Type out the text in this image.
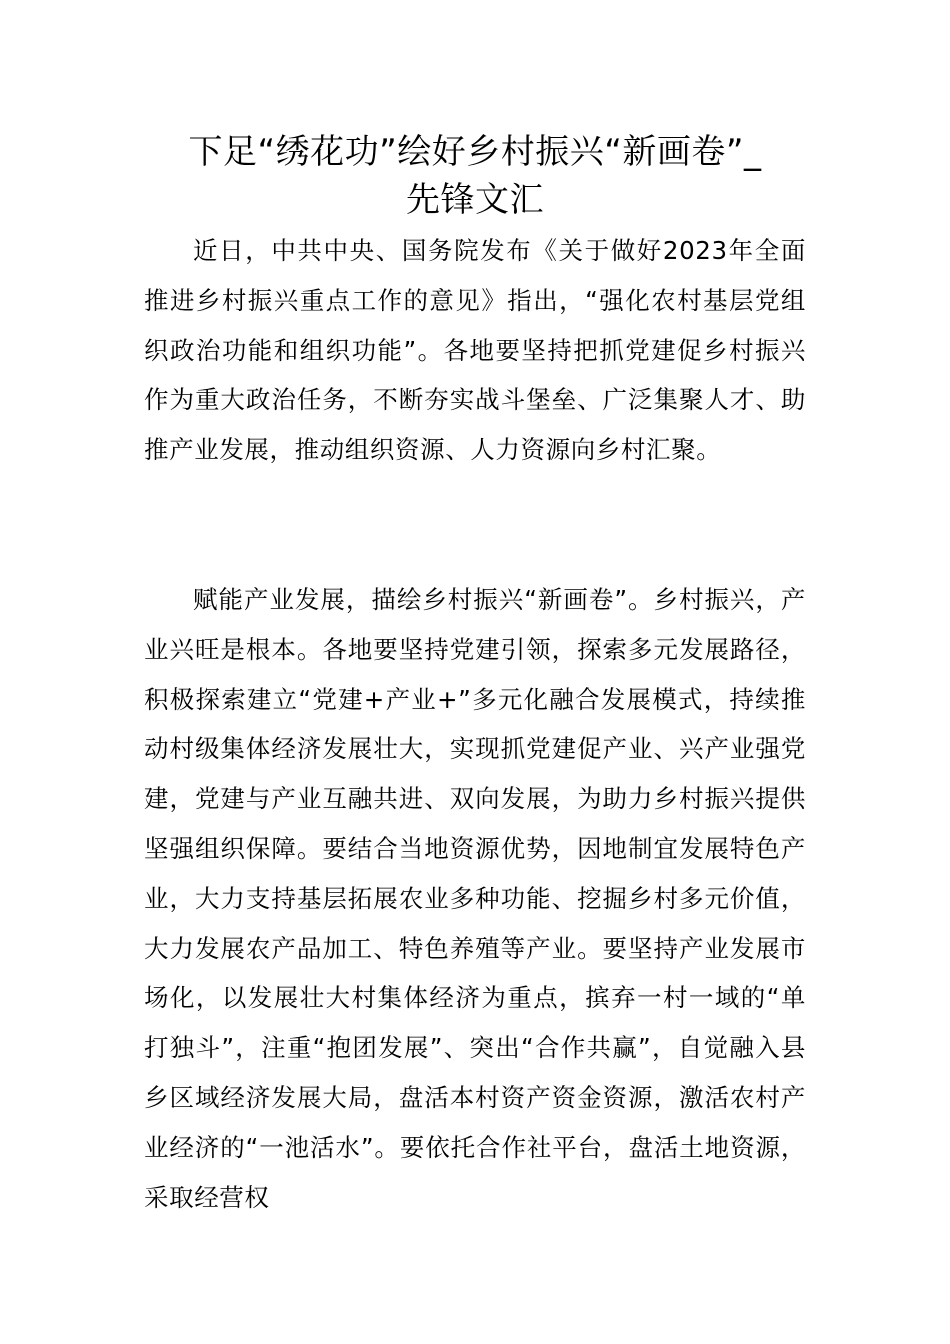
下足“绣花功”绘好乡村振兴“新画卷”_
先锋文汇

近日，中共中央、国务院发布《关于做好2023年全面推进乡村振兴重点工作的意见》指出，“强化农村基层党组织政治功能和组织功能”。各地要坚持把抓党建促乡村振兴作为重大政治任务，不断夯实战斗堡垒、广泛集聚人才、助推产业发展，推动组织资源、人力资源向乡村汇聚。

赋能产业发展，描绘乡村振兴“新画卷”。乡村振兴，产业兴旺是根本。各地要坚持党建引领，探索多元发展路径，积极探索建立“党建+产业+”多元化融合发展模式，持续推动村级集体经济发展壮大，实现抓党建促产业、兴产业强党建，党建与产业互融共进、双向发展，为助力乡村振兴提供坚强组织保障。要结合当地资源优势，因地制宜发展特色产业，大力支持基层拓展农业多种功能、挖掘乡村多元价值，大力发展农产品加工、特色养殖等产业。要坚持产业发展市场化，以发展壮大村集体经济为重点，摈弃一村一域的“单打独斗”，注重“抱团发展”、突出“合作共赢”，自觉融入县乡区域经济发展大局，盘活本村资产资金资源，激活农村产业经济的“一池活水”。要依托合作社平台，盘活土地资源，采取经营权
